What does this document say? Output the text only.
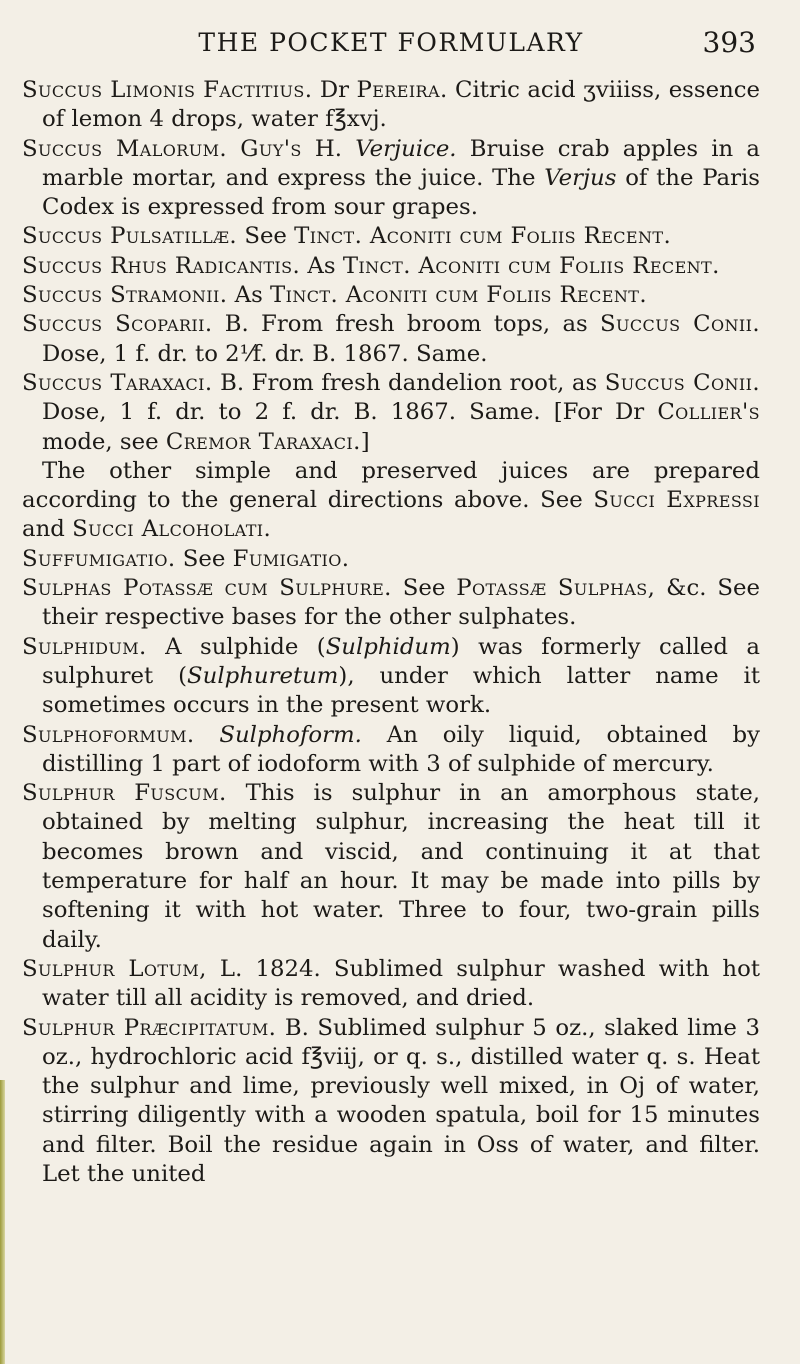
THE POCKET FORMULARY	393

Succus Limonis Factitius. Dr Pereira. Citric acid ʒviiiss, essence of lemon 4 drops, water f℥xvj.

Succus Malorum. Guy's H. Verjuice. Bruise crab apples in a marble mortar, and express the juice. The Verjus of the Paris Codex is expressed from sour grapes.

Succus Pulsatillæ. See Tinct. Aconiti cum Foliis Recent.

Succus Rhus Radicantis. As Tinct. Aconiti cum Foliis Recent.

Succus Stramonii. As Tinct. Aconiti cum Foliis Recent.

Succus Scoparii. B. From fresh broom tops, as Succus Conii. Dose, 1 f. dr. to 2⅟f. dr. B. 1867. Same.

Succus Taraxaci. B. From fresh dandelion root, as Succus Conii. Dose, 1 f. dr. to 2 f. dr. B. 1867. Same. [For Dr Collier's mode, see Cremor Taraxaci.]

The other simple and preserved juices are prepared according to the general directions above. See Succi Expressi and Succi Alcoholati.

Suffumigatio. See Fumigatio.

Sulphas Potassæ cum Sulphure. See Potassæ Sulphas, &c. See their respective bases for the other sulphates.

Sulphidum. A sulphide (Sulphidum) was formerly called a sulphuret (Sulphuretum), under which latter name it sometimes occurs in the present work.

Sulphoformum. Sulphoform. An oily liquid, obtained by distilling 1 part of iodoform with 3 of sulphide of mercury.

Sulphur Fuscum. This is sulphur in an amorphous state, obtained by melting sulphur, increasing the heat till it becomes brown and viscid, and continuing it at that temperature for half an hour. It may be made into pills by softening it with hot water. Three to four, two-grain pills daily.

Sulphur Lotum, L. 1824. Sublimed sulphur washed with hot water till all acidity is removed, and dried.

Sulphur Præcipitatum. B. Sublimed sulphur 5 oz., slaked lime 3 oz., hydrochloric acid f℥viij, or q. s., distilled water q. s. Heat the sulphur and lime, previously well mixed, in Oj of water, stirring diligently with a wooden spatula, boil for 15 minutes and filter. Boil the residue again in Oss of water, and filter. Let the united
